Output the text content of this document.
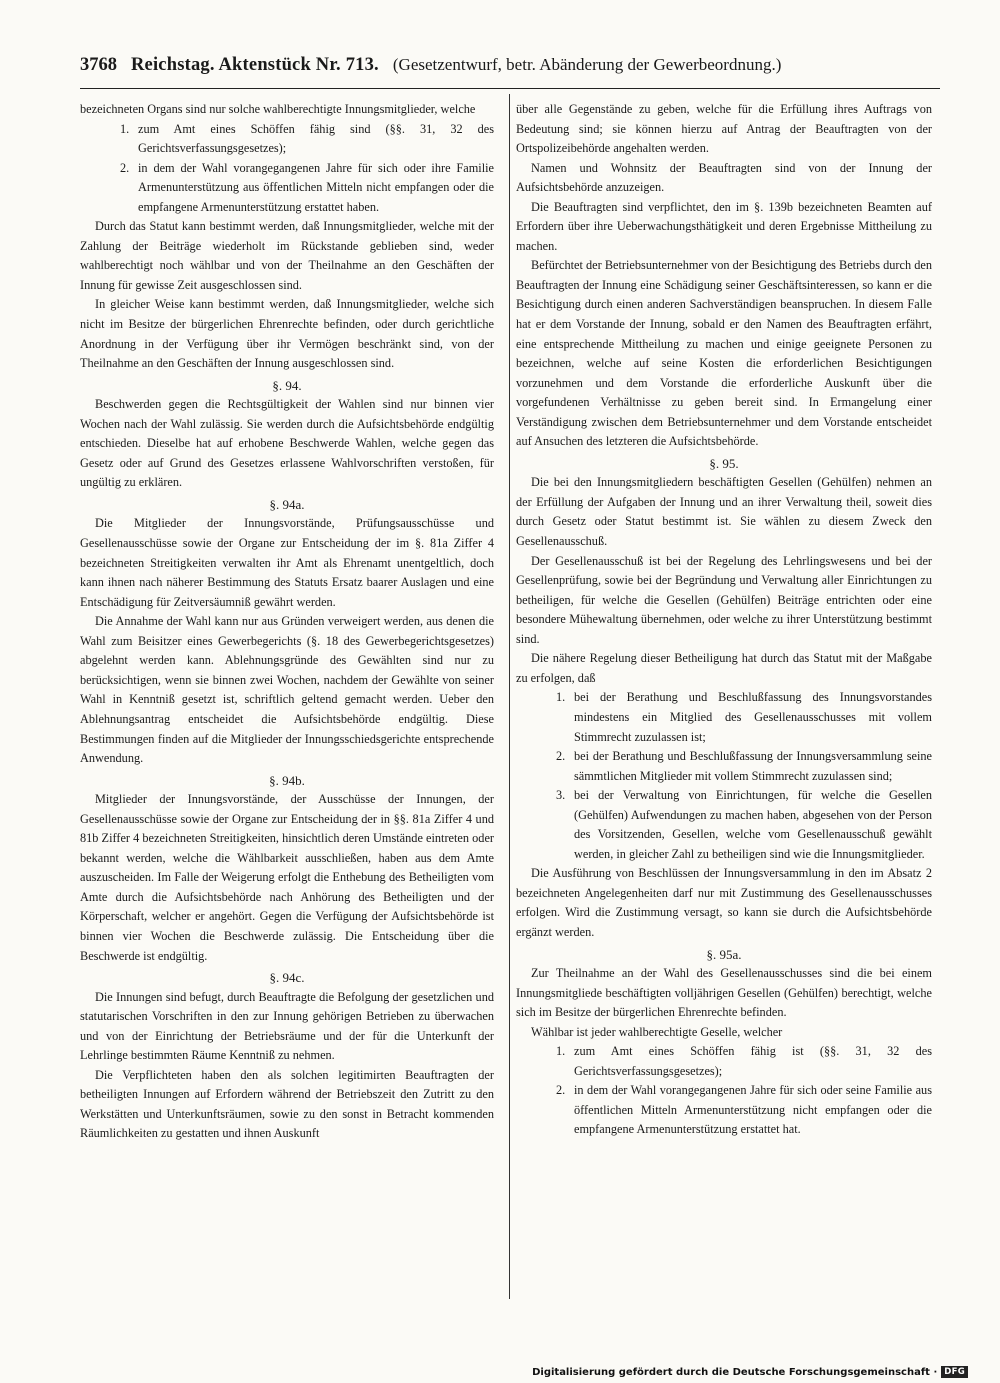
3768 Reichstag. Aktenstück Nr. 713. (Gesetzentwurf, betr. Abänderung der Gewerbeordnung.)

bezeichneten Organs sind nur solche wahlberechtigte Innungsmitglieder, welche

1. zum Amt eines Schöffen fähig sind (§§. 31, 32 des Gerichtsverfassungsgesetzes);
2. in dem der Wahl vorangegangenen Jahre für sich oder ihre Familie Armenunterstützung aus öffentlichen Mitteln nicht empfangen oder die empfangene Armenunterstützung erstattet haben.

Durch das Statut kann bestimmt werden, daß Innungsmitglieder, welche mit der Zahlung der Beiträge wiederholt im Rückstande geblieben sind, weder wahlberechtigt noch wählbar und von der Theilnahme an den Geschäften der Innung für gewisse Zeit ausgeschlossen sind.

In gleicher Weise kann bestimmt werden, daß Innungsmitglieder, welche sich nicht im Besitze der bürgerlichen Ehrenrechte befinden, oder durch gerichtliche Anordnung in der Verfügung über ihr Vermögen beschränkt sind, von der Theilnahme an den Geschäften der Innung ausgeschlossen sind.

§. 94.

Beschwerden gegen die Rechtsgültigkeit der Wahlen sind nur binnen vier Wochen nach der Wahl zulässig. Sie werden durch die Aufsichtsbehörde endgültig entschieden. Dieselbe hat auf erhobene Beschwerde Wahlen, welche gegen das Gesetz oder auf Grund des Gesetzes erlassene Wahlvorschriften verstoßen, für ungültig zu erklären.

§. 94a.

Die Mitglieder der Innungsvorstände, Prüfungsausschüsse und Gesellenausschüsse sowie der Organe zur Entscheidung der im §. 81a Ziffer 4 bezeichneten Streitigkeiten verwalten ihr Amt als Ehrenamt unentgeltlich, doch kann ihnen nach näherer Bestimmung des Statuts Ersatz baarer Auslagen und eine Entschädigung für Zeitversäumniß gewährt werden.

Die Annahme der Wahl kann nur aus Gründen verweigert werden, aus denen die Wahl zum Beisitzer eines Gewerbegerichts (§. 18 des Gewerbegerichtsgesetzes) abgelehnt werden kann. Ablehnungsgründe des Gewählten sind nur zu berücksichtigen, wenn sie binnen zwei Wochen, nachdem der Gewählte von seiner Wahl in Kenntniß gesetzt ist, schriftlich geltend gemacht werden. Ueber den Ablehnungsantrag entscheidet die Aufsichtsbehörde endgültig. Diese Bestimmungen finden auf die Mitglieder der Innungsschiedsgerichte entsprechende Anwendung.

§. 94b.

Mitglieder der Innungsvorstände, der Ausschüsse der Innungen, der Gesellenausschüsse sowie der Organe zur Entscheidung der in §§. 81a Ziffer 4 und 81b Ziffer 4 bezeichneten Streitigkeiten, hinsichtlich deren Umstände eintreten oder bekannt werden, welche die Wählbarkeit ausschließen, haben aus dem Amte auszuscheiden. Im Falle der Weigerung erfolgt die Enthebung des Betheiligten vom Amte durch die Aufsichtsbehörde nach Anhörung des Betheiligten und der Körperschaft, welcher er angehört. Gegen die Verfügung der Aufsichtsbehörde ist binnen vier Wochen die Beschwerde zulässig. Die Entscheidung über die Beschwerde ist endgültig.

§. 94c.

Die Innungen sind befugt, durch Beauftragte die Befolgung der gesetzlichen und statutarischen Vorschriften in den zur Innung gehörigen Betrieben zu überwachen und von der Einrichtung der Betriebsräume und der für die Unterkunft der Lehrlinge bestimmten Räume Kenntniß zu nehmen.

Die Verpflichteten haben den als solchen legitimirten Beauftragten der betheiligten Innungen auf Erfordern während der Betriebszeit den Zutritt zu den Werkstätten und Unterkunftsräumen, sowie zu den sonst in Betracht kommenden Räumlichkeiten zu gestatten und ihnen Auskunft

über alle Gegenstände zu geben, welche für die Erfüllung ihres Auftrags von Bedeutung sind; sie können hierzu auf Antrag der Beauftragten von der Ortspolizeibehörde angehalten werden.

Namen und Wohnsitz der Beauftragten sind von der Innung der Aufsichtsbehörde anzuzeigen.

Die Beauftragten sind verpflichtet, den im §. 139b bezeichneten Beamten auf Erfordern über ihre Ueberwachungsthätigkeit und deren Ergebnisse Mittheilung zu machen.

Befürchtet der Betriebsunternehmer von der Besichtigung des Betriebs durch den Beauftragten der Innung eine Schädigung seiner Geschäftsinteressen, so kann er die Besichtigung durch einen anderen Sachverständigen beanspruchen. In diesem Falle hat er dem Vorstande der Innung, sobald er den Namen des Beauftragten erfährt, eine entsprechende Mittheilung zu machen und einige geeignete Personen zu bezeichnen, welche auf seine Kosten die erforderlichen Besichtigungen vorzunehmen und dem Vorstande die erforderliche Auskunft über die vorgefundenen Verhältnisse zu geben bereit sind. In Ermangelung einer Verständigung zwischen dem Betriebsunternehmer und dem Vorstande entscheidet auf Ansuchen des letzteren die Aufsichtsbehörde.

§. 95.

Die bei den Innungsmitgliedern beschäftigten Gesellen (Gehülfen) nehmen an der Erfüllung der Aufgaben der Innung und an ihrer Verwaltung theil, soweit dies durch Gesetz oder Statut bestimmt ist. Sie wählen zu diesem Zweck den Gesellenausschuß.

Der Gesellenausschuß ist bei der Regelung des Lehrlingswesens und bei der Gesellenprüfung, sowie bei der Begründung und Verwaltung aller Einrichtungen zu betheiligen, für welche die Gesellen (Gehülfen) Beiträge entrichten oder eine besondere Mühewaltung übernehmen, oder welche zu ihrer Unterstützung bestimmt sind.

Die nähere Regelung dieser Betheiligung hat durch das Statut mit der Maßgabe zu erfolgen, daß

1. bei der Berathung und Beschlußfassung des Innungsvorstandes mindestens ein Mitglied des Gesellenausschusses mit vollem Stimmrecht zuzulassen ist;
2. bei der Berathung und Beschlußfassung der Innungsversammlung seine sämmtlichen Mitglieder mit vollem Stimmrecht zuzulassen sind;
3. bei der Verwaltung von Einrichtungen, für welche die Gesellen (Gehülfen) Aufwendungen zu machen haben, abgesehen von der Person des Vorsitzenden, Gesellen, welche vom Gesellenausschuß gewählt werden, in gleicher Zahl zu betheiligen sind wie die Innungsmitglieder.

Die Ausführung von Beschlüssen der Innungsversammlung in den im Absatz 2 bezeichneten Angelegenheiten darf nur mit Zustimmung des Gesellenausschusses erfolgen. Wird die Zustimmung versagt, so kann sie durch die Aufsichtsbehörde ergänzt werden.

§. 95a.

Zur Theilnahme an der Wahl des Gesellenausschusses sind die bei einem Innungsmitgliede beschäftigten volljährigen Gesellen (Gehülfen) berechtigt, welche sich im Besitze der bürgerlichen Ehrenrechte befinden.

Wählbar ist jeder wahlberechtigte Geselle, welcher

1. zum Amt eines Schöffen fähig ist (§§. 31, 32 des Gerichtsverfassungsgesetzes);
2. in dem der Wahl vorangegangenen Jahre für sich oder seine Familie aus öffentlichen Mitteln Armenunterstützung nicht empfangen oder die empfangene Armenunterstützung erstattet hat.
Digitalisierung gefördert durch die Deutsche Forschungsgemeinschaft · DFG
